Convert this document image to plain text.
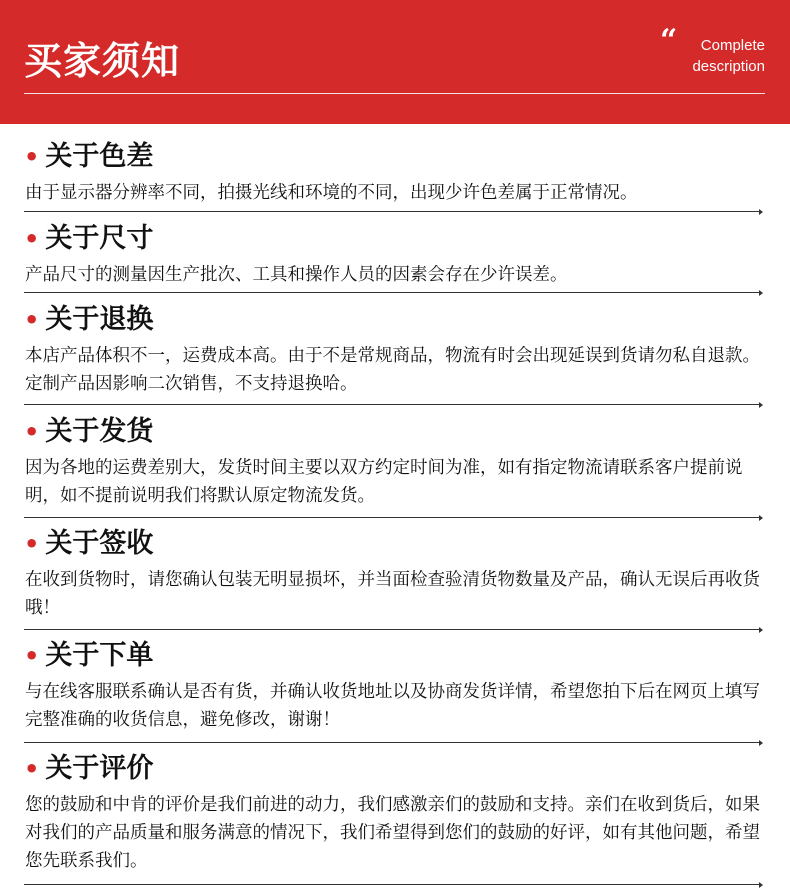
买家须知	“	Complete
description
• 关于色差
由于显示器分辨率不同，拍摄光线和环境的不同，出现少许色差属于正常情况。
• 关于尺寸
产品尺寸的测量因生产批次、工具和操作人员的因素会存在少许误差。
• 关于退换
本店产品体积不一，运费成本高。由于不是常规商品，物流有时会出现延误到货请勿私自退款。定制产品因影响二次销售，不支持退换哈。
• 关于发货
因为各地的运费差别大，发货时间主要以双方约定时间为准，如有指定物流请联系客户提前说明，如不提前说明我们将默认原定物流发货。
• 关于签收
在收到货物时，请您确认包装无明显损坏，并当面检查验清货物数量及产品，确认无误后再收货哦！
• 关于下单
与在线客服联系确认是否有货，并确认收货地址以及协商发货详情，希望您拍下后在网页上填写完整准确的收货信息，避免修改，谢谢！
• 关于评价
您的鼓励和中肯的评价是我们前进的动力，我们感激亲们的鼓励和支持。亲们在收到货后，如果对我们的产品质量和服务满意的情况下，我们希望得到您们的鼓励的好评，如有其他问题，希望您先联系我们。
